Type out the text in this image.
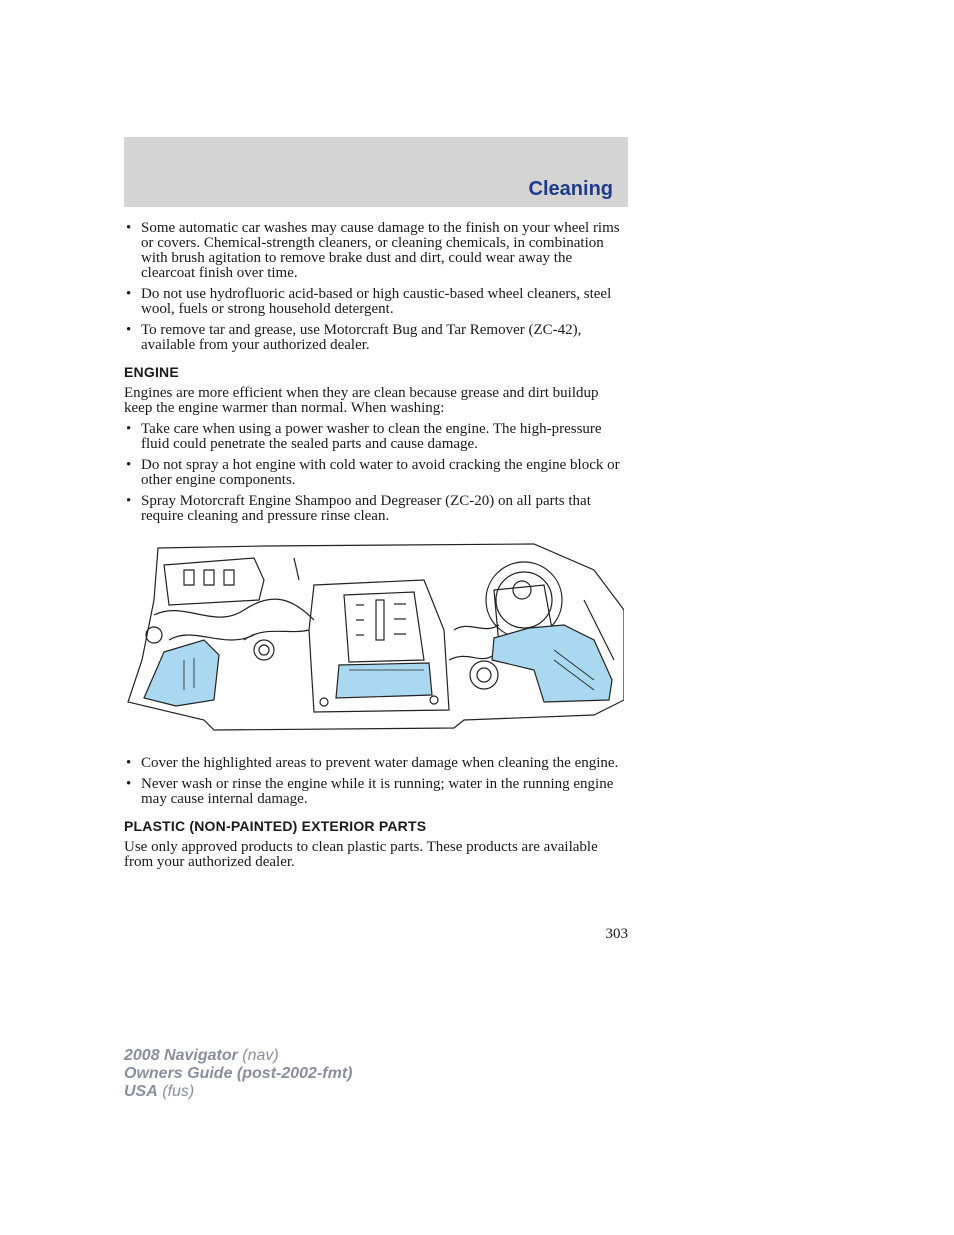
Cleaning
• Some automatic car washes may cause damage to the finish on your wheel rims or covers. Chemical-strength cleaners, or cleaning chemicals, in combination with brush agitation to remove brake dust and dirt, could wear away the clearcoat finish over time.
• Do not use hydrofluoric acid-based or high caustic-based wheel cleaners, steel wool, fuels or strong household detergent.
• To remove tar and grease, use Motorcraft Bug and Tar Remover (ZC-42), available from your authorized dealer.
ENGINE

Engines are more efficient when they are clean because grease and dirt buildup keep the engine warmer than normal. When washing:

• Take care when using a power washer to clean the engine. The high-pressure fluid could penetrate the sealed parts and cause damage.
• Do not spray a hot engine with cold water to avoid cracking the engine block or other engine components.
• Spray Motorcraft Engine Shampoo and Degreaser (ZC-20) on all parts that require cleaning and pressure rinse clean.
• Cover the highlighted areas to prevent water damage when cleaning the engine.
• Never wash or rinse the engine while it is running; water in the running engine may cause internal damage.
PLASTIC (NON-PAINTED) EXTERIOR PARTS

Use only approved products to clean plastic parts. These products are available from your authorized dealer.

303
2008 Navigator (nav)
Owners Guide (post-2002-fmt)
USA (fus)
